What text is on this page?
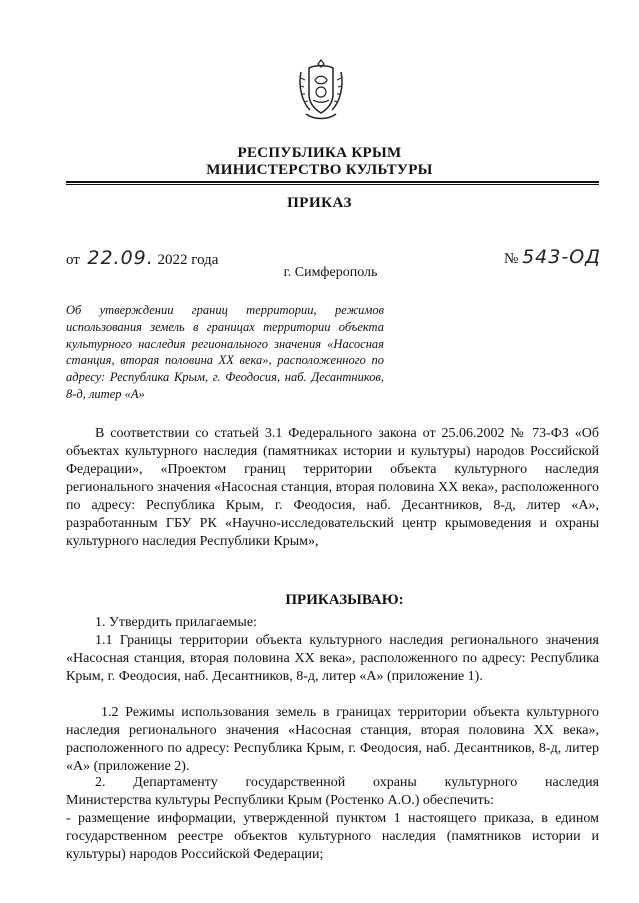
РЕСПУБЛИКА КРЫМ
МИНИСТЕРСТВО КУЛЬТУРЫ
ПРИКАЗ
от 22.09. 2022 года	№ 543-ОД
г. Симферополь
Об утверждении границ территории, режимов использования земель в границах территории объекта культурного наследия регионального значения «Насосная станция, вторая половина XX века», расположенного по адресу: Республика Крым, г. Феодосия, наб. Десантников, 8-д, литер «А»
В соответствии со статьей 3.1 Федерального закона от 25.06.2002 № 73-ФЗ «Об объектах культурного наследия (памятниках истории и культуры) народов Российской Федерации», «Проектом границ территории объекта культурного наследия регионального значения «Насосная станция, вторая половина XX века», расположенного по адресу: Республика Крым, г. Феодосия, наб. Десантников, 8-д, литер «А», разработанным ГБУ РК «Научно-исследовательский центр крымоведения и охраны культурного наследия Республики Крым»,
ПРИКАЗЫВАЮ:
1. Утвердить прилагаемые:
1.1 Границы территории объекта культурного наследия регионального значения «Насосная станция, вторая половина XX века», расположенного по адресу: Республика Крым, г. Феодосия, наб. Десантников, 8-д, литер «А» (приложение 1).
1.2 Режимы использования земель в границах территории объекта культурного наследия регионального значения «Насосная станция, вторая половина XX века», расположенного по адресу: Республика Крым, г. Феодосия, наб. Десантников, 8-д, литер «А» (приложение 2).
2. Департаменту государственной охраны культурного наследия
Министерства культуры Республики Крым (Ростенко А.О.) обеспечить:
- размещение информации, утвержденной пунктом 1 настоящего приказа, в едином государственном реестре объектов культурного наследия (памятников истории и культуры) народов Российской Федерации;
